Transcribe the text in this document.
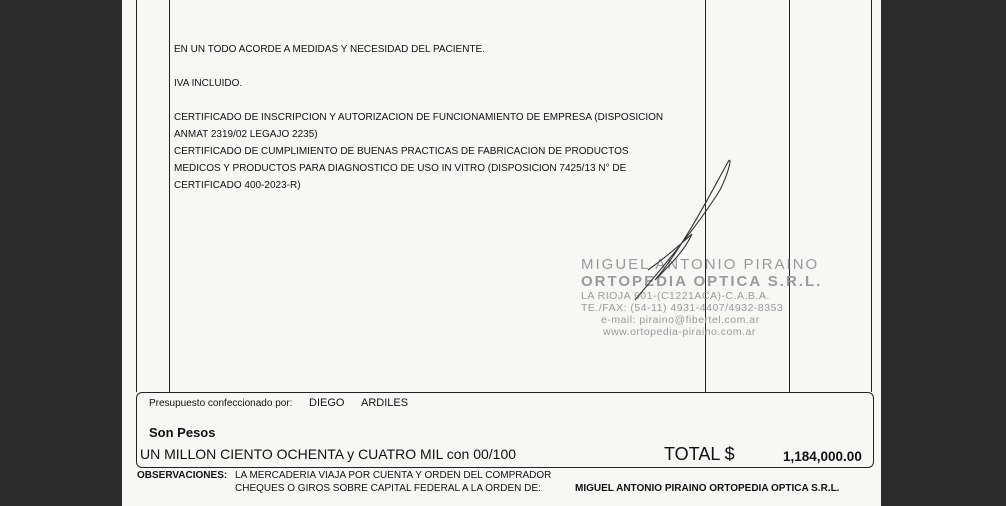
EN UN TODO ACORDE A MEDIDAS Y NECESIDAD DEL PACIENTE.
IVA INCLUIDO.
CERTIFICADO DE INSCRIPCION Y AUTORIZACION DE FUNCIONAMIENTO DE EMPRESA (DISPOSICION
ANMAT 2319/02 LEGAJO 2235)
CERTIFICADO DE CUMPLIMIENTO DE BUENAS PRACTICAS DE FABRICACION DE PRODUCTOS
MEDICOS Y PRODUCTOS PARA DIAGNOSTICO DE USO IN VITRO (DISPOSICION 7425/13 N° DE
CERTIFICADO 400-2023-R)
MIGUEL ANTONIO PIRAINO
ORTOPEDIA OPTICA S.R.L.
LA RIOJA 601-(C1221ACA)-C.A.B.A.
TE./FAX: (54-11) 4931-4407/4932-8353
e-mail: piraino@fibertel.com.ar
www.ortopedia-piraino.com.ar
Presupuesto confeccionado por: DIEGO ARDILES
Son Pesos
UN MILLON CIENTO OCHENTA y CUATRO MIL con 00/100	TOTAL $	1,184,000.00
OBSERVACIONES: LA MERCADERIA VIAJA POR CUENTA Y ORDEN DEL COMPRADOR
CHEQUES O GIROS SOBRE CAPITAL FEDERAL A LA ORDEN DE:	MIGUEL ANTONIO PIRAINO ORTOPEDIA OPTICA S.R.L.
